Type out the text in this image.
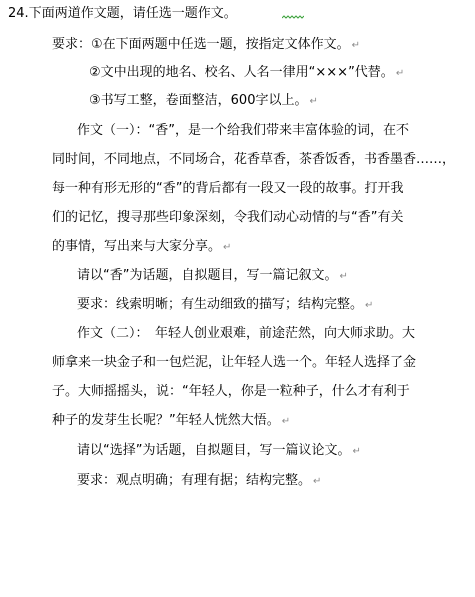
24.下面两道作文题，请任选一题作文。
要求：①在下面两题中任选一题，按指定文体作文。 ↵
②文中出现的地名、校名、人名一律用“×××”代替。 ↵
③书写工整，卷面整洁，600字以上。 ↵
作文（一）：“香”，是一个给我们带来丰富体验的词，在不
同时间，不同地点，不同场合，花香草香，茶香饭香，书香墨香……，
每一种有形无形的“香”的背后都有一段又一段的故事。打开我
们的记忆，搜寻那些印象深刻，令我们动心动情的与“香”有关
的事情，写出来与大家分享。 ↵
请以“香”为话题，自拟题目，写一篇记叙文。 ↵
要求：线索明晰；有生动细致的描写；结构完整。 ↵
作文（二）：　年轻人创业艰难，前途茫然，向大师求助。大
师拿来一块金子和一包烂泥，让年轻人选一个。年轻人选择了金
子。大师摇摇头，说：“年轻人，你是一粒种子，什么才有利于
种子的发芽生长呢？”年轻人恍然大悟。 ↵
请以“选择”为话题，自拟题目，写一篇议论文。 ↵
要求：观点明确；有理有据；结构完整。 ↵
